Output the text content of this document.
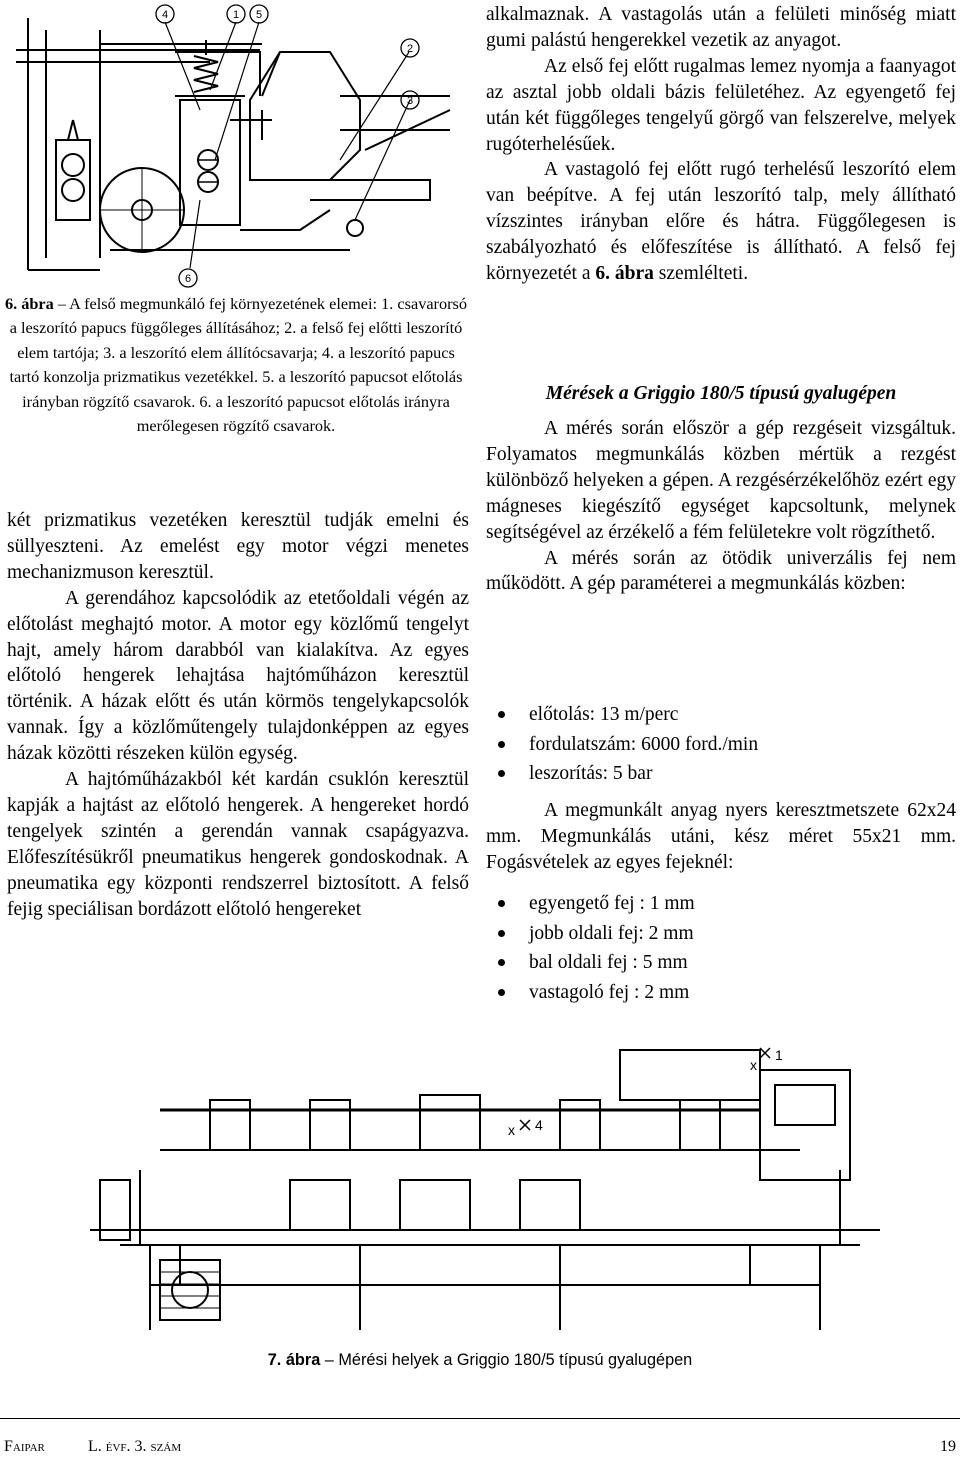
4	1 5
2
3
6
6. ábra – A felső megmunkáló fej környezetének elemei: 1. csavarorsó a leszorító papucs függőleges állításához; 2. a felső fej előtti leszorító elem tartója; 3. a leszorító elem állítócsavarja; 4. a leszorító papucs tartó konzolja prizmatikus vezetékkel. 5. a leszorító papucsot előtolás irányban rögzítő csavarok. 6. a leszorító papucsot előtolás irányra merőlegesen rögzítő csavarok.

két prizmatikus vezetéken keresztül tudják emelni és süllyeszteni. Az emelést egy motor végzi menetes mechanizmuson keresztül.

A gerendához kapcsolódik az etetőoldali végén az előtolást meghajtó motor. A motor egy közlőmű tengelyt hajt, amely három darabból van kialakítva. Az egyes előtoló hengerek lehajtása hajtóműházon keresztül történik. A házak előtt és után körmös tengelykapcsolók vannak. Így a közlőműtengely tulajdonképpen az egyes házak közötti részeken külön egység.

A hajtóműházakból két kardán csuklón keresztül kapják a hajtást az előtoló hengerek. A hengereket hordó tengelyek szintén a gerendán vannak csapágyazva. Előfeszítésükről pneumatikus hengerek gondoskodnak. A pneumatika egy központi rendszerrel biztosított. A felső fejig speciálisan bordázott előtoló hengereket

alkalmaznak. A vastagolás után a felületi minőség miatt gumi palástú hengerekkel vezetik az anyagot.

Az első fej előtt rugalmas lemez nyomja a faanyagot az asztal jobb oldali bázis felületéhez. Az egyengető fej után két függőleges tengelyű görgő van felszerelve, melyek rugóterhelésűek.

A vastagoló fej előtt rugó terhelésű leszorító elem van beépítve. A fej után leszorító talp, mely állítható vízszintes irányban előre és hátra. Függőlegesen is szabályozható és előfeszítése is állítható. A felső fej környezetét a 6. ábra szemlélteti.

Mérések a Griggio 180/5 típusú gyalugépen

A mérés során először a gép rezgéseit vizsgáltuk. Folyamatos megmunkálás közben mértük a rezgést különböző helyeken a gépen. A rezgésérzékelőhöz ezért egy mágneses kiegészítő egységet kapcsoltunk, melynek segítségével az érzékelő a fém felületekre volt rögzíthető.

A mérés során az ötödik univerzális fej nem működött. A gép paraméterei a megmunkálás közben:

előtolás: 13 m/perc
fordulatszám: 6000 ford./min
leszorítás: 5 bar

A megmunkált anyag nyers keresztmetszete 62x24 mm. Megmunkálás utáni, kész méret 55x21 mm. Fogásvételek az egyes fejeknél:

egyengető fej : 1 mm
jobb oldali fej: 2 mm
bal oldali fej : 5 mm
vastagoló fej : 2 mm
x 4
x
1
7. ábra – Mérési helyek a Griggio 180/5 típusú gyalugépen
Faipar	L. évf. 3. szám	19
